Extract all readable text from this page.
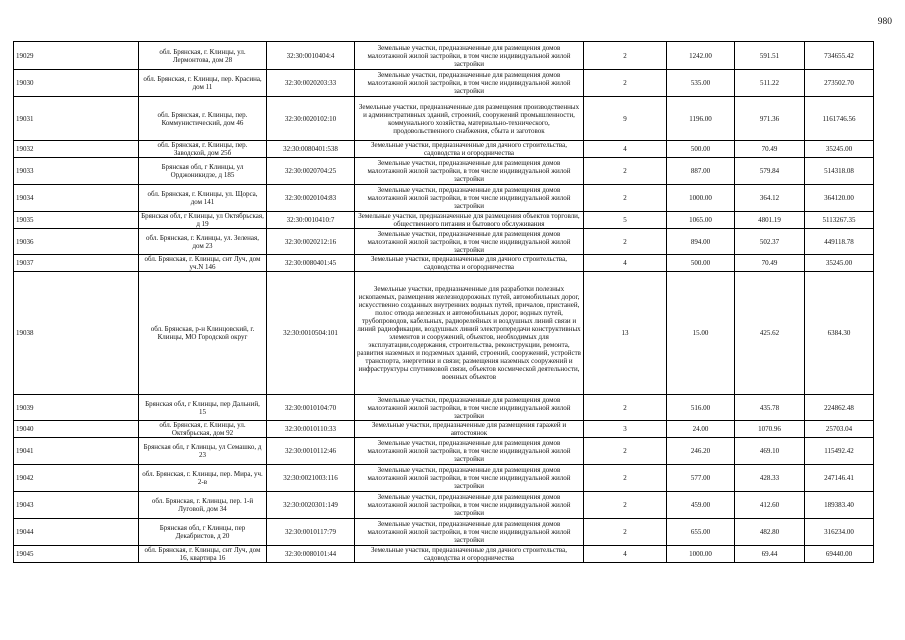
980
19029	обл. Брянская, г. Клинцы, ул. Лермонтова, дом 28	32:30:0010404:4	Земельные участки, предназначенные для размещения домов малоэтажной жилой застройки, в том числе индивидуальной жилой застройки	2	1242.00	591.51	734655.42
19030	обл. Брянская, г. Клинцы, пер. Красина, дом 11	32:30:0020203:33	Земельные участки, предназначенные для размещения домов малоэтажной жилой застройки, в том числе индивидуальной жилой застройки	2	535.00	511.22	273502.70
19031	обл. Брянская, г. Клинцы, пер. Коммунистический, дом 46	32:30:0020102:10	Земельные участки, предназначенные для размещения производственных и административных зданий, строений, сооружений промышленности, коммунального хозяйства, материально-технического, продовольственного снабжения, сбыта и заготовок	9	1196.00	971.36	1161746.56
19032	обл. Брянская, г. Клинцы, пер. Заводской, дом 25б	32:30:0080401:538	Земельные участки, предназначенные для дачного строительства, садоводства и огородничества	4	500.00	70.49	35245.00
19033	Брянская обл, г Клинцы, ул Орджоникидзе, д 185	32:30:0020704:25	Земельные участки, предназначенные для размещения домов малоэтажной жилой застройки, в том числе индивидуальной жилой застройки	2	887.00	579.84	514318.08
19034	обл. Брянская, г. Клинцы, ул. Щорса, дом 141	32:30:0020104:83	Земельные участки, предназначенные для размещения домов малоэтажной жилой застройки, в том числе индивидуальной жилой застройки	2	1000.00	364.12	364120.00
19035	Брянская обл, г Клинцы, ул Октябрьская, д 19	32:30:0010410:7	Земельные участки, предназначенные для размещения объектов торговли, общественного питания и бытового обслуживания	5	1065.00	4801.19	5113267.35
19036	обл. Брянская, г. Клинцы, ул. Зеленая, дом 23	32:30:0020212:16	Земельные участки, предназначенные для размещения домов малоэтажной жилой застройки, в том числе индивидуальной жилой застройки	2	894.00	502.37	449118.78
19037	обл. Брянская, г. Клинцы, снт Луч, дом уч.N 146	32:30:0080401:45	Земельные участки, предназначенные для дачного строительства, садоводства и огородничества	4	500.00	70.49	35245.00
19038	обл. Брянская, р-н Клинцовский, г. Клинцы, МО Городской округ	32:30:0010504:101	Земельные участки, предназначенные для разработки полезных ископаемых, размещения железнодорожных путей, автомобильных дорог, искусственно созданных внутренних водных путей, причалов, пристаней, полос отвода железных и автомобильных дорог, водных путей, трубопроводов, кабельных, радиорелейных и воздушных линий связи и линий радиофикации, воздушных линий электропередачи конструктивных элементов и сооружений, объектов, необходимых для эксплуатации,содержания, строительства, реконструкции, ремонта, развития наземных и подземных зданий, строений, сооружений, устройств транспорта, энергетики и связи; размещения наземных сооружений и инфраструктуры спутниковой связи, объектов космической деятельности, военных объектов	13	15.00	425.62	6384.30
19039	Брянская обл, г Клинцы, пер Дальний, 15	32:30:0010104:70	Земельные участки, предназначенные для размещения домов малоэтажной жилой застройки, в том числе индивидуальной жилой застройки	2	516.00	435.78	224862.48
19040	обл. Брянская, г. Клинцы, ул. Октябрьская, дом 92	32:30:0010110:33	Земельные участки, предназначенные для размещения гаражей и автостоянок	3	24.00	1070.96	25703.04
19041	Брянская обл, г Клинцы, ул Семашко, д 23	32:30:0010112:46	Земельные участки, предназначенные для размещения домов малоэтажной жилой застройки, в том числе индивидуальной жилой застройки	2	246.20	469.10	115492.42
19042	обл. Брянская, г. Клинцы, пер. Мира, уч. 2-в	32:30:0021003:116	Земельные участки, предназначенные для размещения домов малоэтажной жилой застройки, в том числе индивидуальной жилой застройки	2	577.00	428.33	247146.41
19043	обл. Брянская, г. Клинцы, пер. 1-й Луговой, дом 34	32:30:0020301:149	Земельные участки, предназначенные для размещения домов малоэтажной жилой застройки, в том числе индивидуальной жилой застройки	2	459.00	412.60	189383.40
19044	Брянская обл, г Клинцы, пер Декабристов, д 20	32:30:0010117:79	Земельные участки, предназначенные для размещения домов малоэтажной жилой застройки, в том числе индивидуальной жилой застройки	2	655.00	482.80	316234.00
19045	обл. Брянская, г. Клинцы, снт Луч, дом 16, квартира 16	32:30:0080101:44	Земельные участки, предназначенные для дачного строительства, садоводства и огородничества	4	1000.00	69.44	69440.00
